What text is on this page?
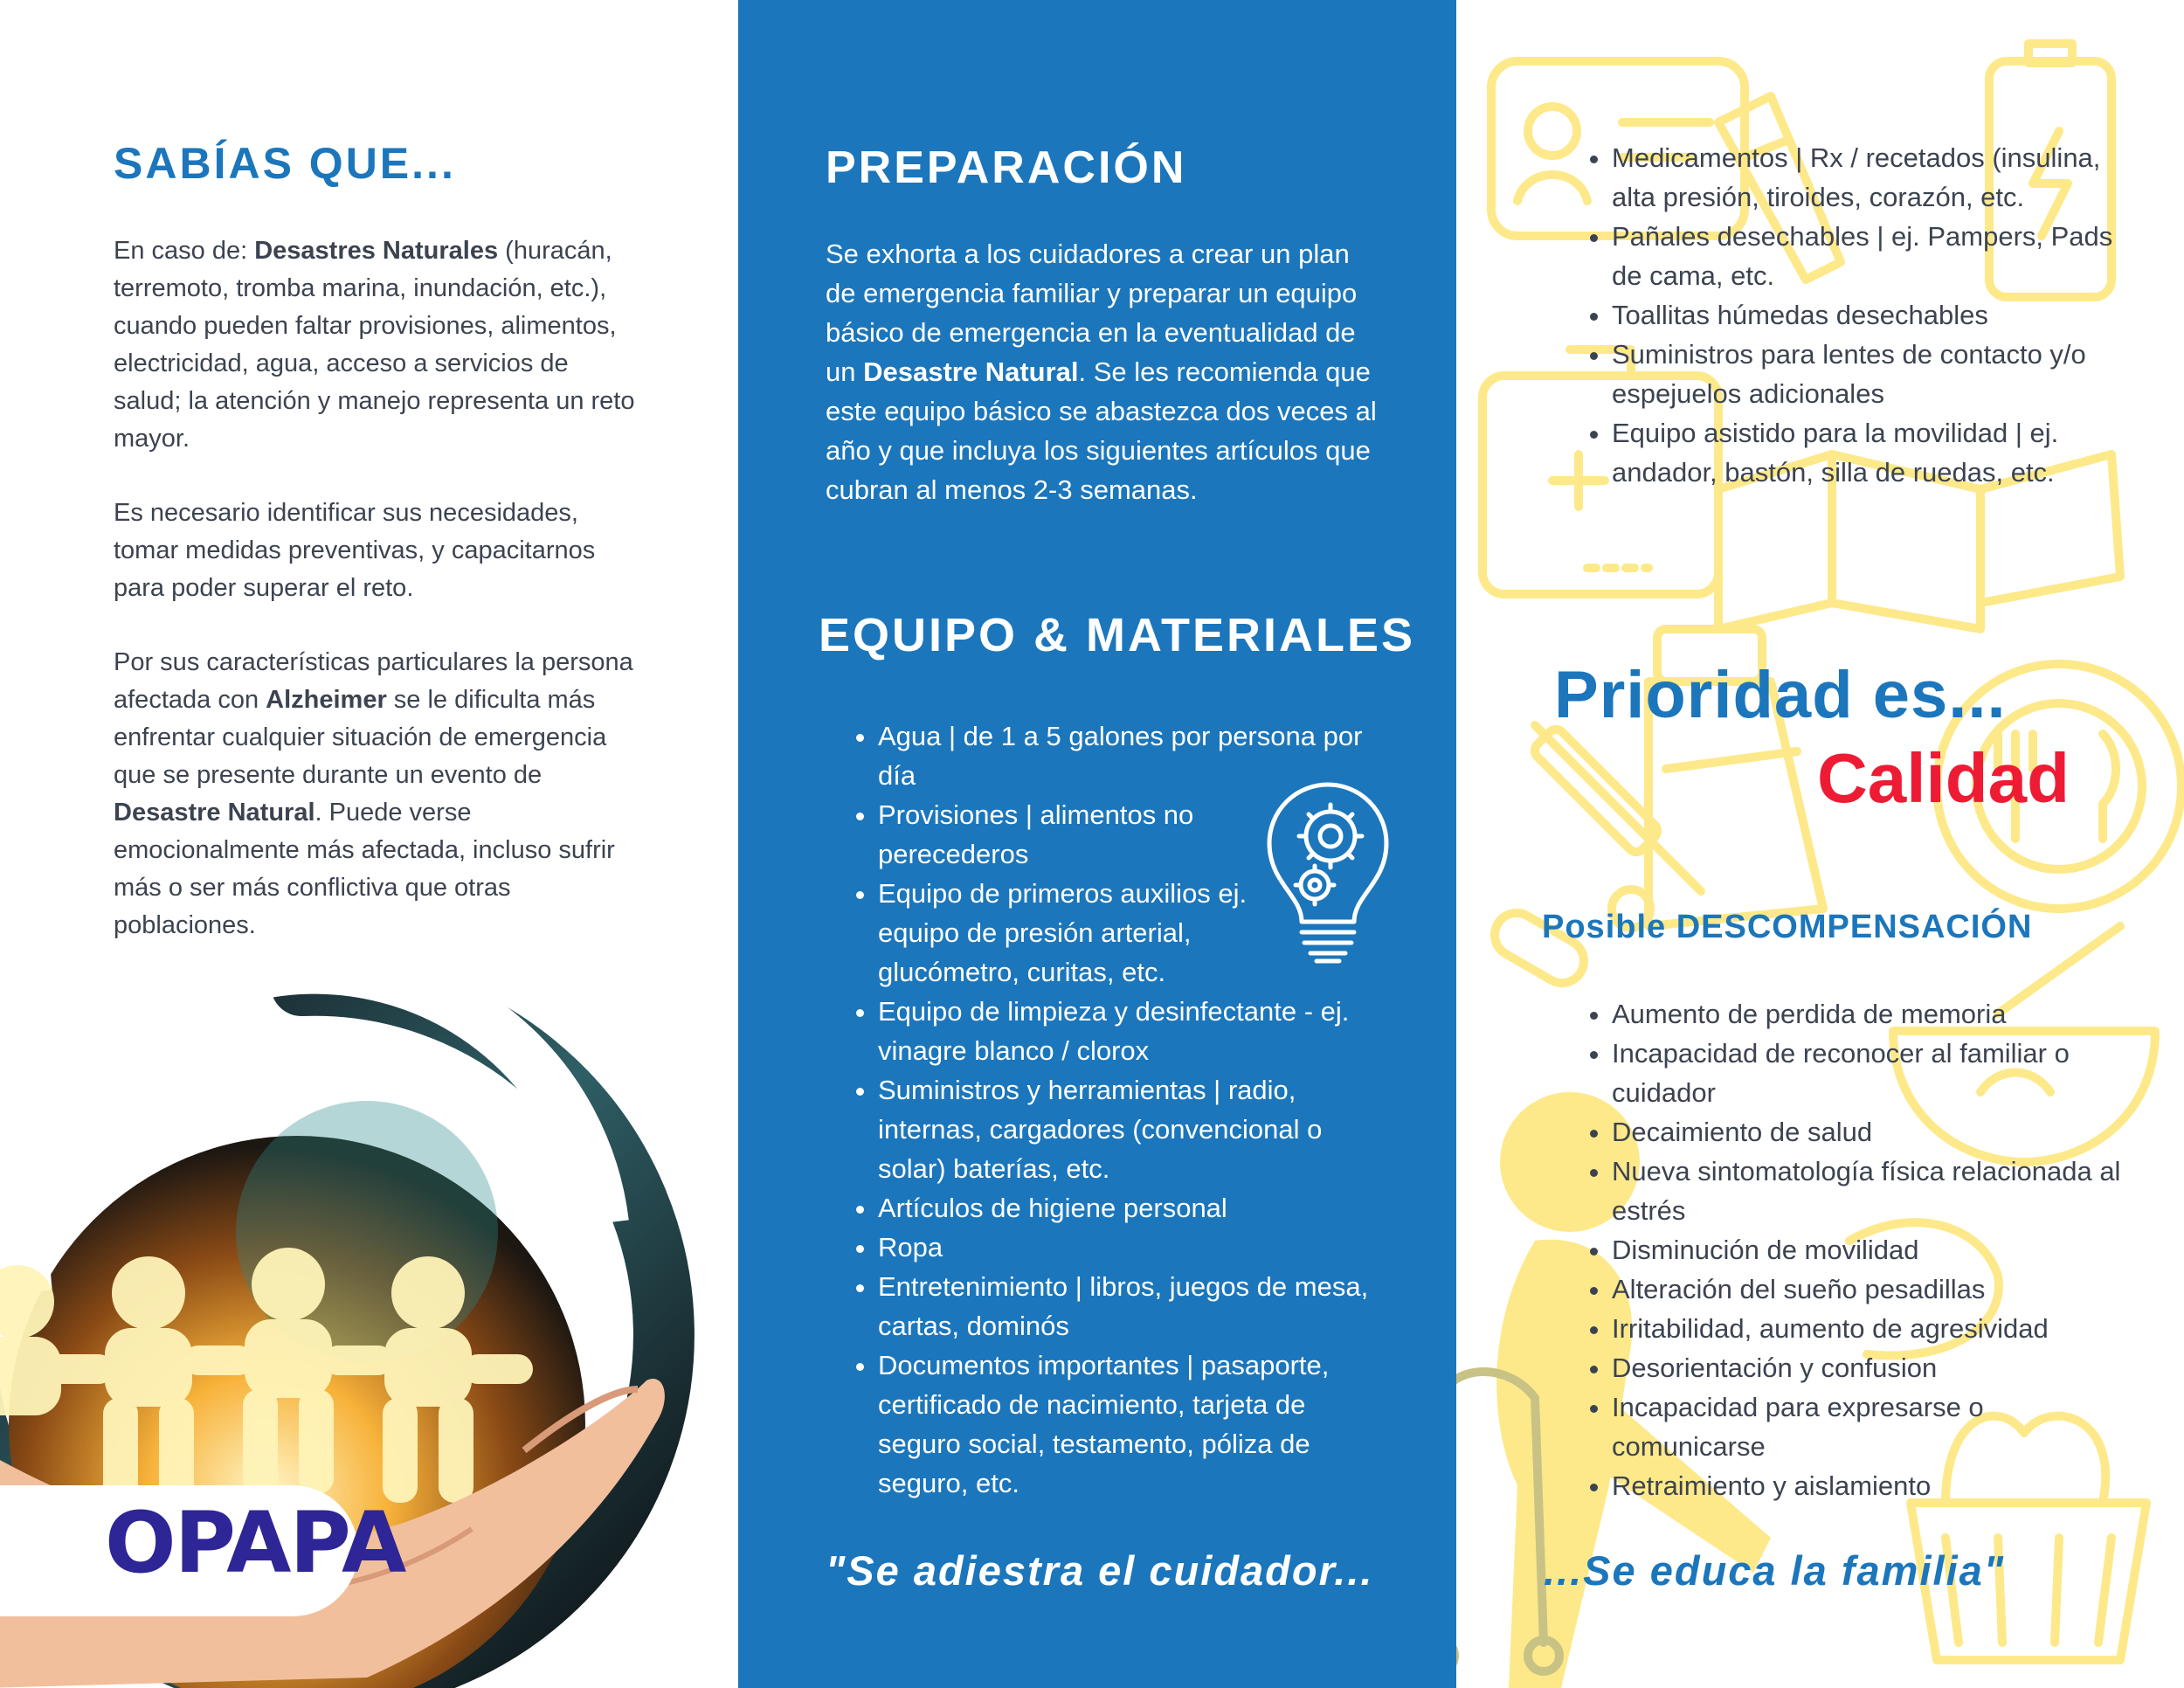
SABÍAS QUE...

En caso de: Desastres Naturales (huracán, terremoto, tromba marina, inundación, etc.), cuando pueden faltar provisiones, alimentos, electricidad, agua, acceso a servicios de salud; la atención y manejo representa un reto mayor.

Es necesario identificar sus necesidades, tomar medidas preventivas, y capacitarnos para poder superar el reto.

Por sus características particulares la persona afectada con Alzheimer se le dificulta más enfrentar cualquier situación de emergencia que se presente durante un evento de Desastre Natural. Puede verse emocionalmente más afectada, incluso sufrir más o ser más conflictiva que otras poblaciones.

OPAPA
PREPARACIÓN

Se exhorta a los cuidadores a crear un plan de emergencia familiar y preparar un equipo básico de emergencia en la eventualidad de un Desastre Natural. Se les recomienda que este equipo básico se abastezca dos veces al año y que incluya los siguientes artículos que cubran al menos 2-3 semanas.

EQUIPO & MATERIALES
• Agua | de 1 a 5 galones por persona por día
• Provisiones | alimentos no perecederos
• Equipo de primeros auxilios ej. equipo de presión arterial, glucómetro, curitas, etc.
• Equipo de limpieza y desinfectante - ej. vinagre blanco / clorox
• Suministros y herramientas | radio, internas, cargadores (convencional o solar) baterías, etc.
• Artículos de higiene personal
• Ropa
• Entretenimiento | libros, juegos de mesa, cartas, dominós
• Documentos importantes | pasaporte, certificado de nacimiento, tarjeta de seguro social, testamento, póliza de seguro, etc.
"Se adiestra el cuidador...
• Medicamentos | Rx / recetados (insulina, alta presión, tiroides, corazón, etc.
• Pañales desechables | ej. Pampers, Pads de cama, etc.
• Toallitas húmedas desechables
• Suministros para lentes de contacto y/o espejuelos adicionales
• Equipo asistido para la movilidad | ej. andador, bastón, silla de ruedas, etc.
Prioridad es...
Calidad
Posible DESCOMPENSACIÓN
• Aumento de perdida de memoria
• Incapacidad de reconocer al familiar o cuidador
• Decaimiento de salud
• Nueva sintomatología física relacionada al estrés
• Disminución de movilidad
• Alteración del sueño pesadillas
• Irritabilidad, aumento de agresividad
• Desorientación y confusion
• Incapacidad para expresarse o comunicarse
• Retraimiento y aislamiento
...Se educa la familia"
